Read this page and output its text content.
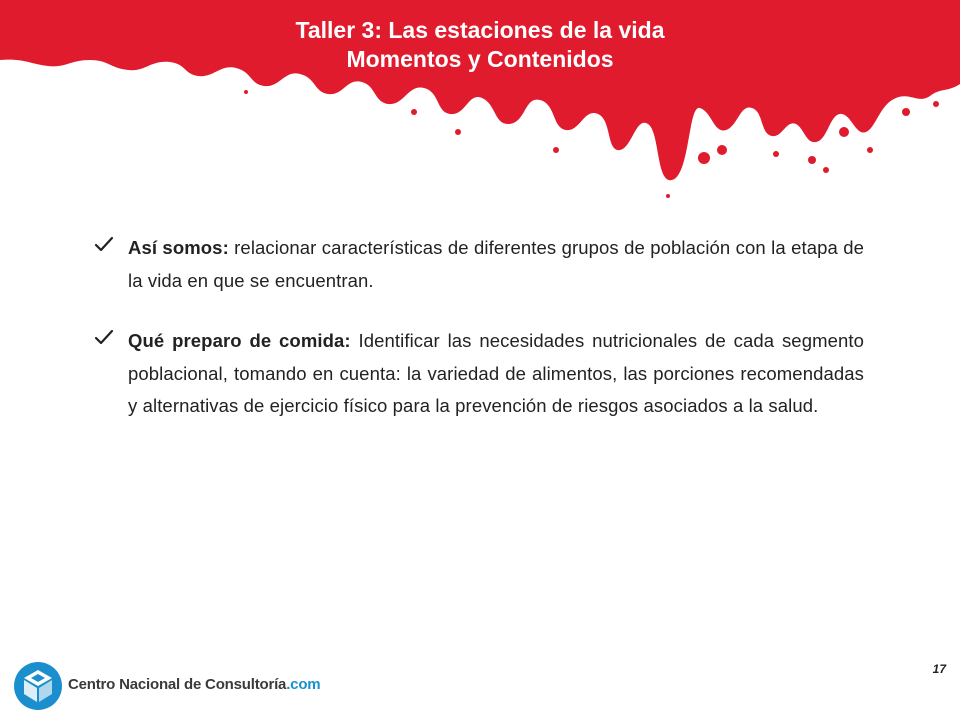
Taller 3: Las estaciones de la vida
Momentos y Contenidos
Así somos: relacionar características de diferentes grupos de población con la etapa de la vida en que se encuentran.
Qué preparo de comida: Identificar las necesidades nutricionales de cada segmento poblacional, tomando en cuenta: la variedad de alimentos, las porciones recomendadas y alternativas de ejercicio físico para la prevención de riesgos asociados a la salud.
Centro Nacional de Consultoría.com
17
